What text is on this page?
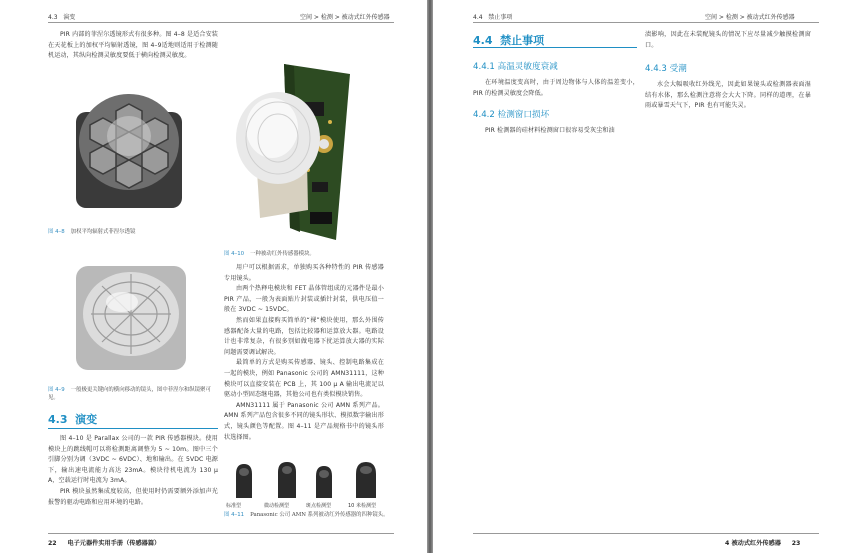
4.3 演变	空间 > 检测 > 被动式红外传感器
PIR 内部的菲涅尔透镜形式有很多种。图 4–8 是适合安装在天花板上的加权平均辐射透镜，图 4–9适地则适用于检测随机运动，其纵向检测灵敏度要低于横向检测灵敏度。
图 4–8 加权平均辐射式菲涅尔透镜
图 4–9 一般极更关键向的横向移动的镜头，图中菲涅尔和纵镜聚可见。
4.3 演变

图 4–10 是 Parallax 公司的一款 PIR 传感器模块。使用模块上的跳线帽可以将检测距离调整为 5 ~ 10m。图中三个引脚分别为调（3VDC ~ 6VDC）、地和输出。在 5VDC 电源下，输出速电流能力高达 23mA。模块待机电流为 130 μ A，空载运行时电流为 3mA。

PIR 模块虽然集成度较高，但使用时仍需要额外添加声光报警的驱动电路和应用环境的电路。

图 4–10 一种被动红外传感器模块。

用户可以根据需求，单独购买各种特性的 PIR 传感器专用镜头。

由两个热释电模块和 FET 晶体管组成的元器件是最小 PIR 产品，一般为表面贴片封装或插针封装，供电压值一般在 3VDC ~ 15VDC。

然而如果直接购买简单的“裸”模块使用，那么外围传感器配备大量的电路，包括比较器和运算放大器。电路设计也非常复杂，有很多别如做电器下扰运算放大器的实际问题需要调试解决。

最简单的方式是购买传感器、镜头、控制电路集成在一起的模块，例如 Panasonic 公司的 AMN31111，这种模块可以直接安装在 PCB 上，其 100 μ A 输出电流足以驱动小型固态继电器，其他公司也有类似模块销售。

AMN31111 属于 Panasonic 公司 AMN 系列产品。AMN 系列产品包含很多不同的镜头形状、模拟数字输出形式，镜头颜色等配置。图 4–11 是产品规格书中的镜头形状选择图。

标准型	微动检测型	斑点检测型	10 米检测型
图 4–11 Panasonic 公司 AMN 系列被动红外传感器的四种镜头。
22 电子元器件实用手册（传感器篇）
4.4 禁止事项	空间 > 检测 > 被动式红外传感器
4.4 禁止事项
4.4.1 高温灵敏度衰减
在环境温度变高时，由于周边物体与人体的温差变小，PIR 的检测灵敏度会降低。
4.4.2 检测窗口损坏
PIR 检测器的硅材料检测窗口很容易受灰尘和油
渍影响，因此在未装配镜头的情况下应尽量减少触摸检测窗口。
4.4.3 受潮
水会大幅吸收红外线光，因此如果镜头或检测器表面湿结有水体，那么检测注意将会大大下降。同样的道理，在暴雨或暴雪天气下，PIR 也有可能失灵。
4 被动式红外传感器 23
